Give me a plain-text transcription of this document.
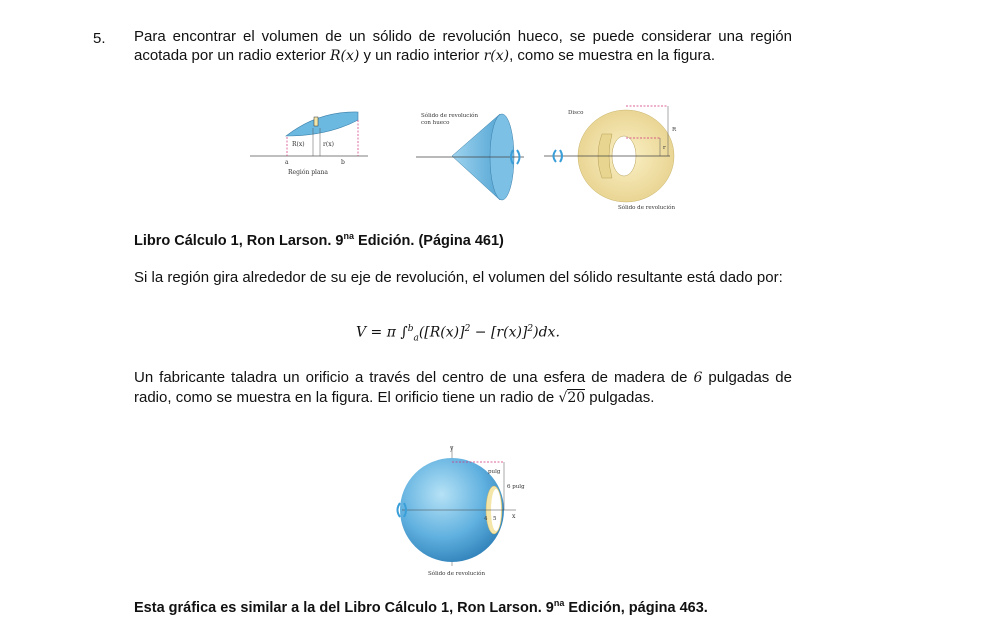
5. Para encontrar el volumen de un sólido de revolución hueco, se puede considerar una región acotada por un radio exterior R(x) y un radio interior r(x), como se muestra en la figura.
R(x)	r(x)
a	b
Región plana
Sólido de revolución
con hueco
Disco
R
r
Sólido de revolución
Libro Cálculo 1, Ron Larson. $9^{na}$ Edición. (Página 461)
Si la región gira alrededor de su eje de revolución, el volumen del sólido resultante está dado por:
V = π $\int^b_a([R(x)]^2 - [r(x)]^2)dx$.
Un fabricante taladra un orificio a través del centro de una esfera de madera de 6 pulgadas de radio, como se muestra en la figura. El orificio tiene un radio de √20 pulgadas.
y
x
pulg
6 pulg
4 5
Sólido de revolución
Esta gráfica es similar a la del Libro Cálculo 1, Ron Larson. $9^{na}$ Edición, página 463.
